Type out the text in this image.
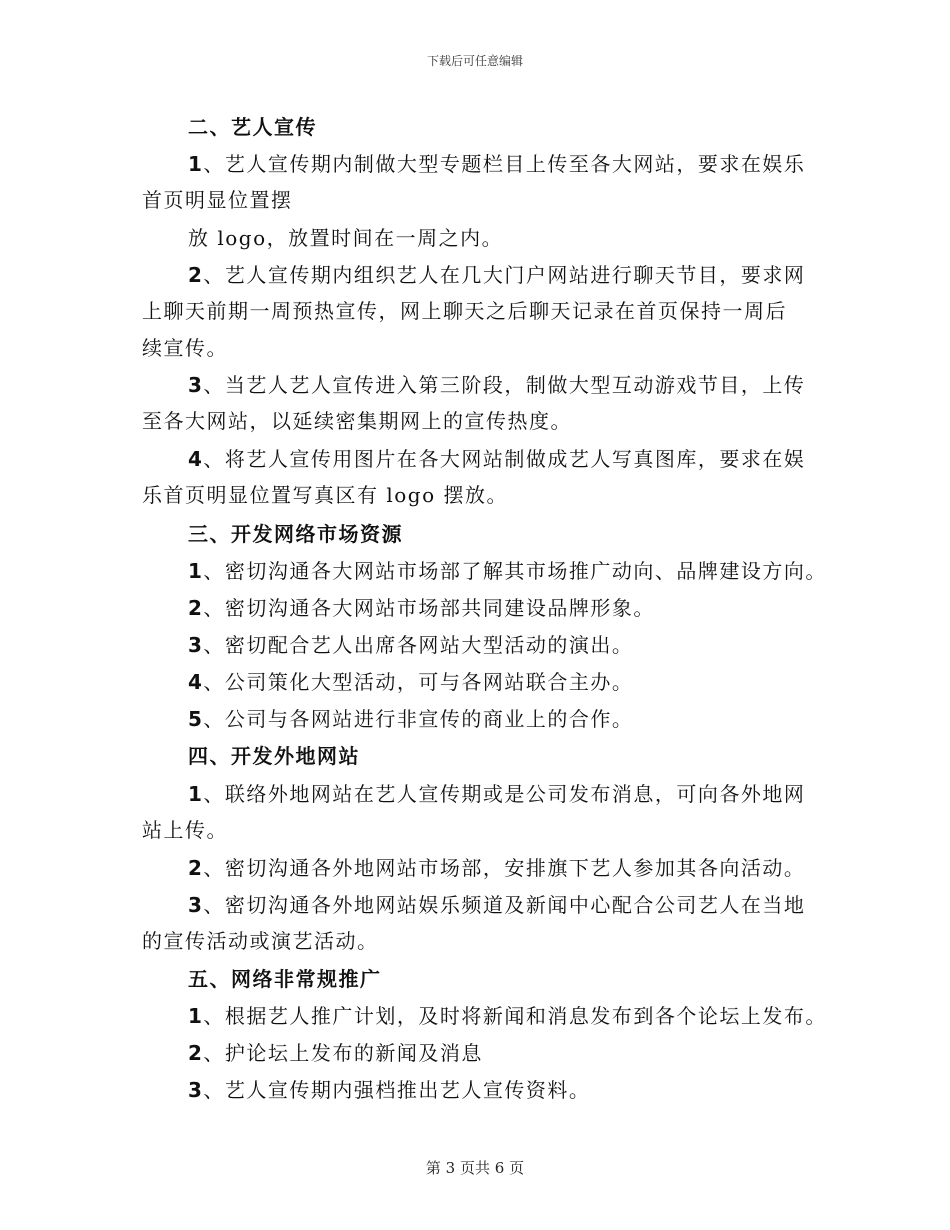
下载后可任意编辑
二、艺人宣传
1、艺人宣传期内制做大型专题栏目上传至各大网站，要求在娱乐
首页明显位置摆
放 logo，放置时间在一周之内。
2、艺人宣传期内组织艺人在几大门户网站进行聊天节目，要求网
上聊天前期一周预热宣传，网上聊天之后聊天记录在首页保持一周后
续宣传。
3、当艺人艺人宣传进入第三阶段，制做大型互动游戏节目，上传
至各大网站，以延续密集期网上的宣传热度。
4、将艺人宣传用图片在各大网站制做成艺人写真图库，要求在娱
乐首页明显位置写真区有 logo 摆放。
三、开发网络市场资源
1、密切沟通各大网站市场部了解其市场推广动向、品牌建设方向。
2、密切沟通各大网站市场部共同建设品牌形象。
3、密切配合艺人出席各网站大型活动的演出。
4、公司策化大型活动，可与各网站联合主办。
5、公司与各网站进行非宣传的商业上的合作。
四、开发外地网站
1、联络外地网站在艺人宣传期或是公司发布消息，可向各外地网
站上传。
2、密切沟通各外地网站市场部，安排旗下艺人参加其各向活动。
3、密切沟通各外地网站娱乐频道及新闻中心配合公司艺人在当地
的宣传活动或演艺活动。
五、网络非常规推广
1、根据艺人推广计划，及时将新闻和消息发布到各个论坛上发布。
2、护论坛上发布的新闻及消息
3、艺人宣传期内强档推出艺人宣传资料。
第 3 页共 6 页
